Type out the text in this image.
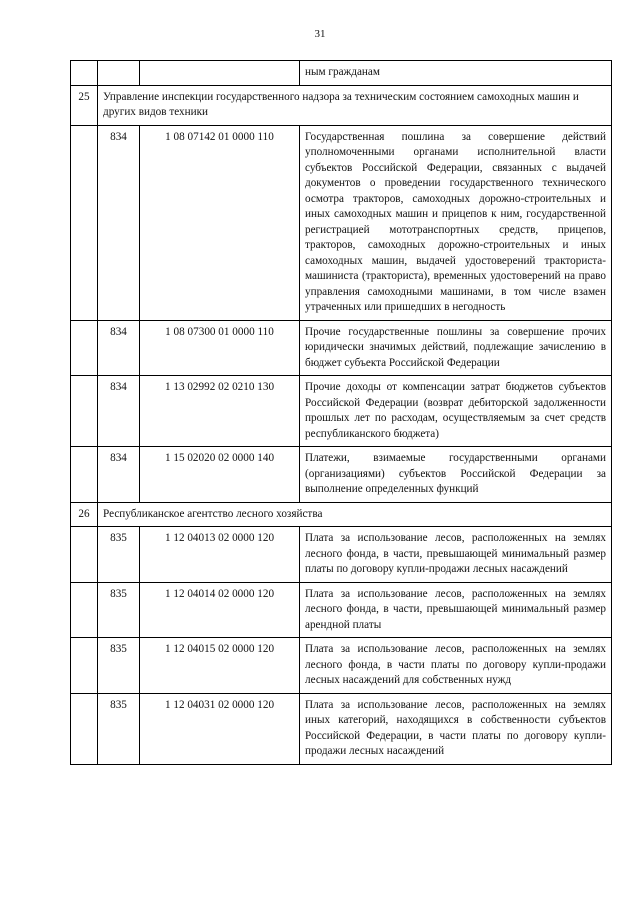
31
			ным гражданам
25	Управление инспекции государственного надзора за техническим состоянием самоходных машин и других видов техники		
	834	1 08 07142 01 0000 110	Государственная пошлина за совершение действий уполномоченными органами исполнительной власти субъектов Российской Федерации, связанных с выдачей документов о проведении государственного технического осмотра тракторов, самоходных дорожно-строительных и иных самоходных машин и прицепов к ним, государственной регистрацией мототранспортных средств, прицепов, тракторов, самоходных дорожно-строительных и иных самоходных машин, выдачей удостоверений тракториста-машиниста (тракториста), временных удостоверений на право управления самоходными машинами, в том числе взамен утраченных или пришедших в негодность
	834	1 08 07300 01 0000 110	Прочие государственные пошлины за совершение прочих юридически значимых действий, подлежащие зачислению в бюджет субъекта Российской Федерации
	834	1 13 02992 02 0210 130	Прочие доходы от компенсации затрат бюджетов субъектов Российской Федерации (возврат дебиторской задолженности прошлых лет по расходам, осуществляемым за счет средств республиканского бюджета)
	834	1 15 02020 02 0000 140	Платежи, взимаемые государственными органами (организациями) субъектов Российской Федерации за выполнение определенных функций
26	Республиканское агентство лесного хозяйства		
	835	1 12 04013 02 0000 120	Плата за использование лесов, расположенных на землях лесного фонда, в части, превышающей минимальный размер платы по договору купли-продажи лесных насаждений
	835	1 12 04014 02 0000 120	Плата за использование лесов, расположенных на землях лесного фонда, в части, превышающей минимальный размер арендной платы
	835	1 12 04015 02 0000 120	Плата за использование лесов, расположенных на землях лесного фонда, в части платы по договору купли-продажи лесных насаждений для собственных нужд
	835	1 12 04031 02 0000 120	Плата за использование лесов, расположенных на землях иных категорий, находящихся в собственности субъектов Российской Федерации, в части платы по договору купли-продажи лесных насаждений
